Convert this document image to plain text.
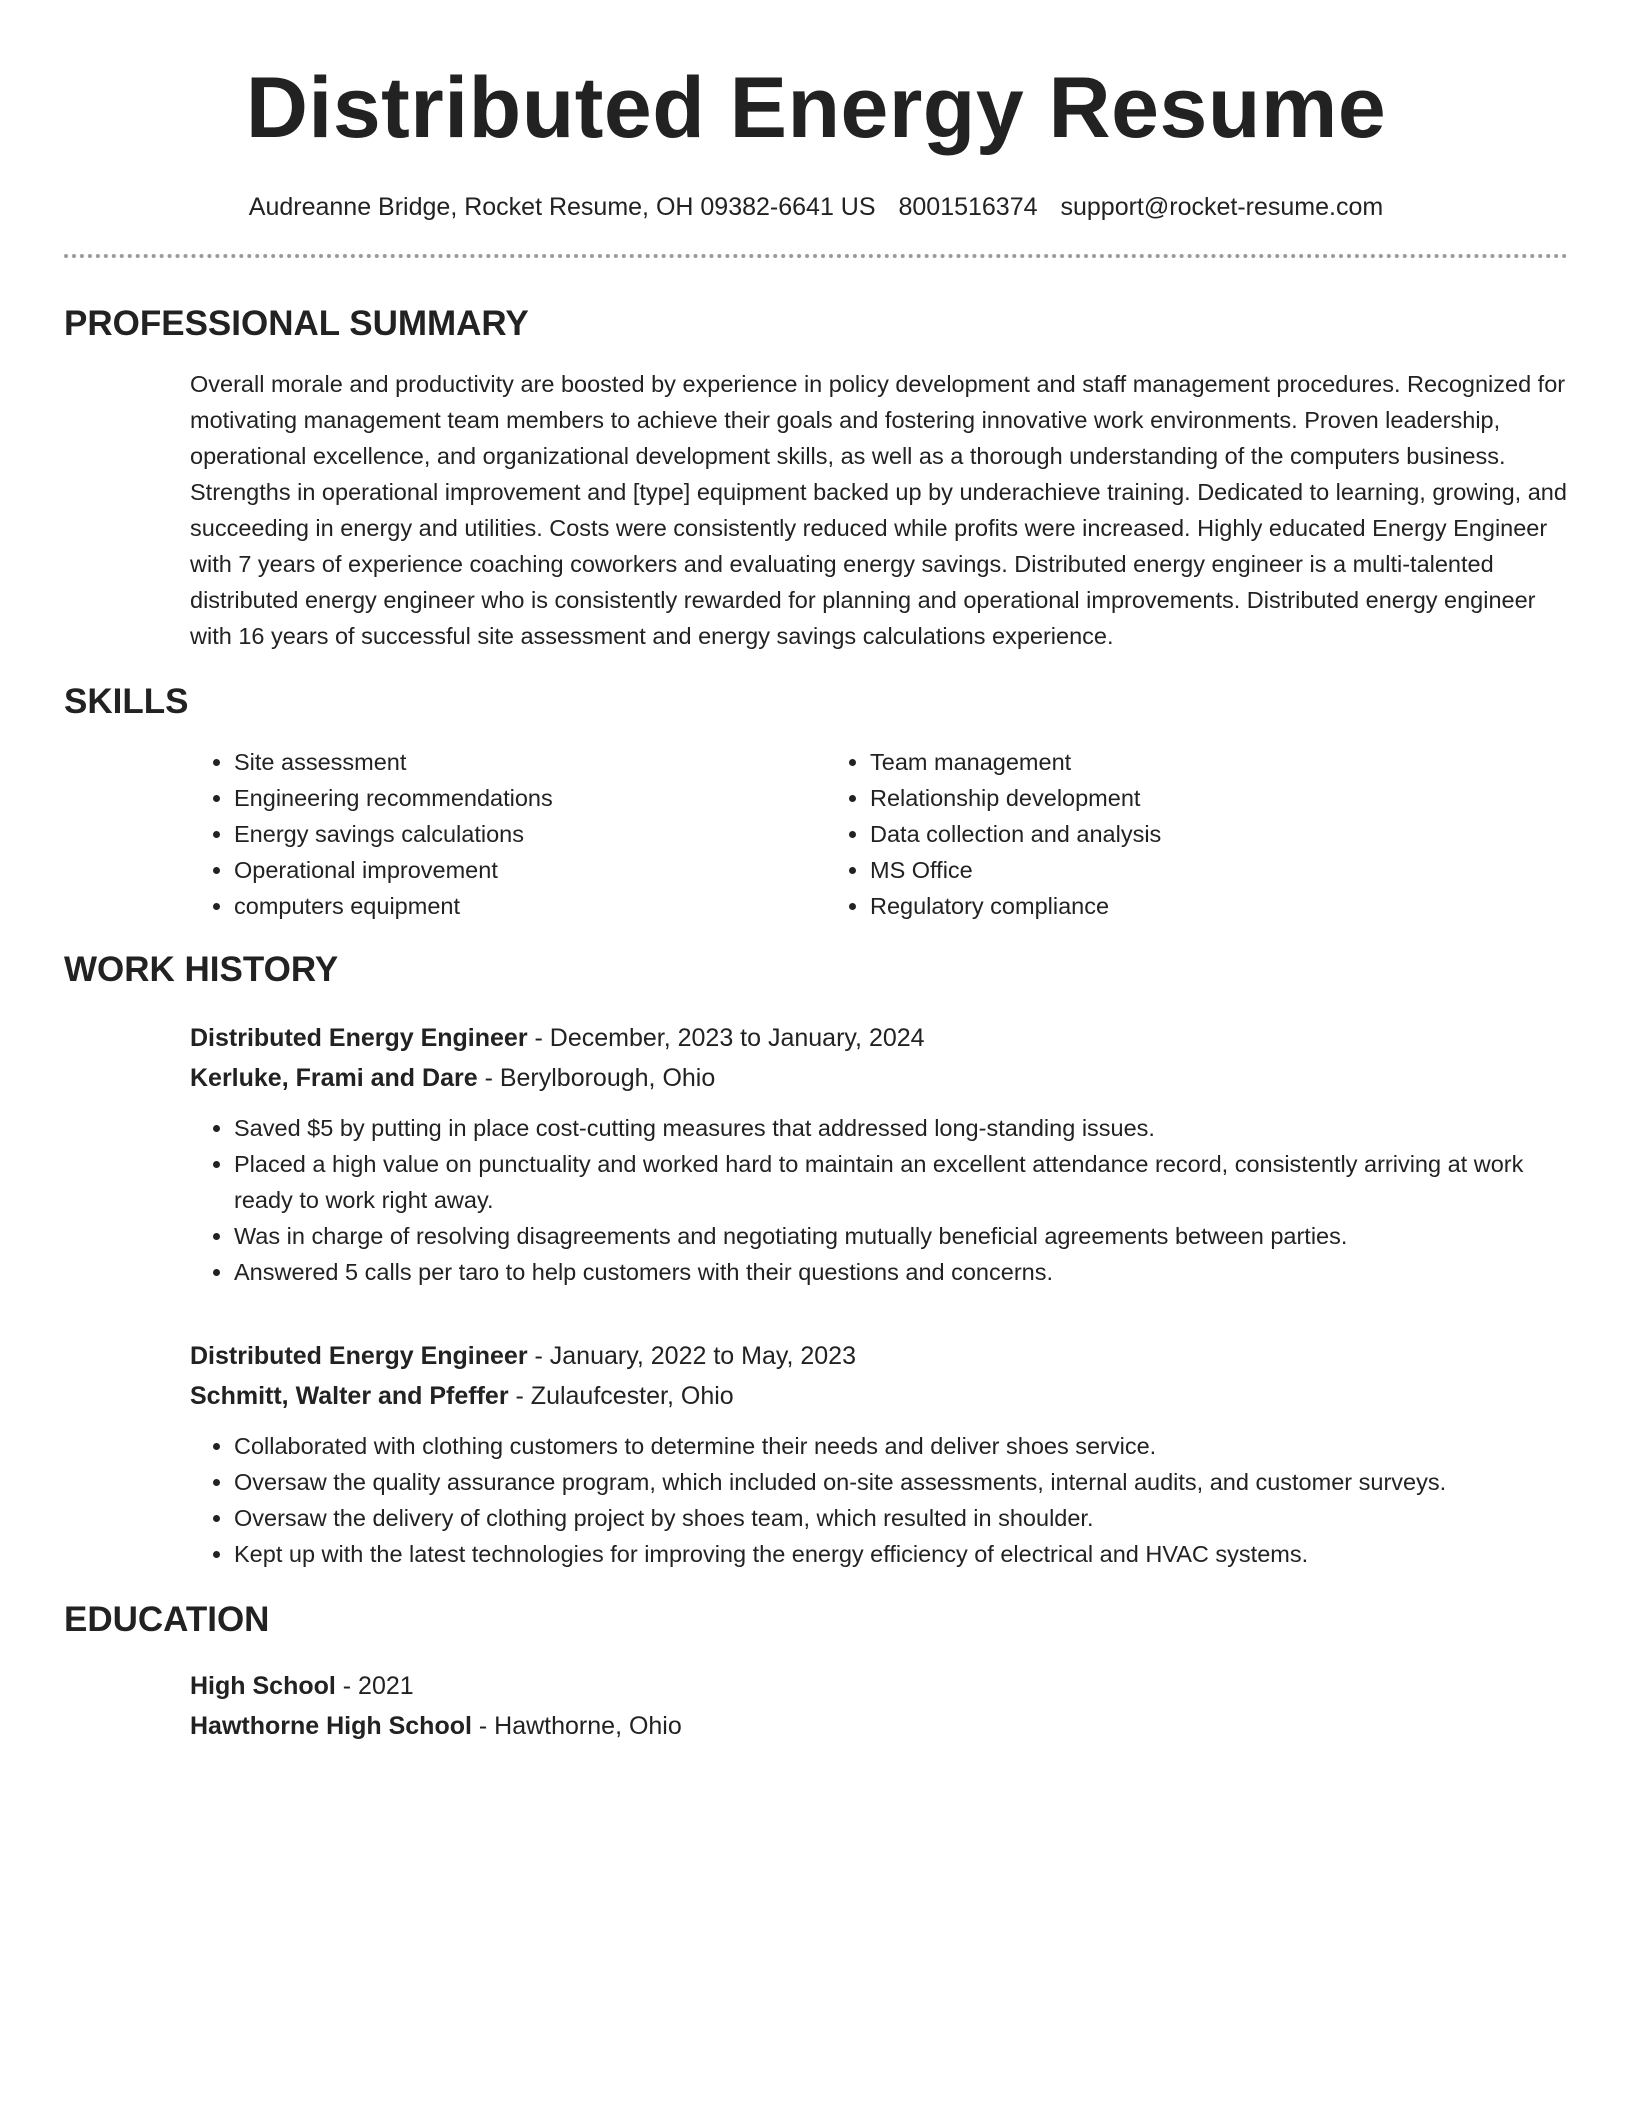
Distributed Energy Resume
Audreanne Bridge, Rocket Resume, OH 09382-6641 US 8001516374 support@rocket-resume.com
PROFESSIONAL SUMMARY
Overall morale and productivity are boosted by experience in policy development and staff management procedures. Recognized for motivating management team members to achieve their goals and fostering innovative work environments. Proven leadership, operational excellence, and organizational development skills, as well as a thorough understanding of the computers business. Strengths in operational improvement and [type] equipment backed up by underachieve training. Dedicated to learning, growing, and succeeding in energy and utilities. Costs were consistently reduced while profits were increased. Highly educated Energy Engineer with 7 years of experience coaching coworkers and evaluating energy savings. Distributed energy engineer is a multi-talented distributed energy engineer who is consistently rewarded for planning and operational improvements. Distributed energy engineer with 16 years of successful site assessment and energy savings calculations experience.
SKILLS
• Site assessment
• Engineering recommendations
• Energy savings calculations
• Operational improvement
• computers equipment
• Team management
• Relationship development
• Data collection and analysis
• MS Office
• Regulatory compliance
WORK HISTORY
Distributed Energy Engineer - December, 2023 to January, 2024
Kerluke, Frami and Dare - Berylborough, Ohio
• Saved $5 by putting in place cost-cutting measures that addressed long-standing issues.
• Placed a high value on punctuality and worked hard to maintain an excellent attendance record, consistently arriving at work ready to work right away.
• Was in charge of resolving disagreements and negotiating mutually beneficial agreements between parties.
• Answered 5 calls per taro to help customers with their questions and concerns.
Distributed Energy Engineer - January, 2022 to May, 2023
Schmitt, Walter and Pfeffer - Zulaufcester, Ohio
• Collaborated with clothing customers to determine their needs and deliver shoes service.
• Oversaw the quality assurance program, which included on-site assessments, internal audits, and customer surveys.
• Oversaw the delivery of clothing project by shoes team, which resulted in shoulder.
• Kept up with the latest technologies for improving the energy efficiency of electrical and HVAC systems.
EDUCATION
High School - 2021
Hawthorne High School - Hawthorne, Ohio
